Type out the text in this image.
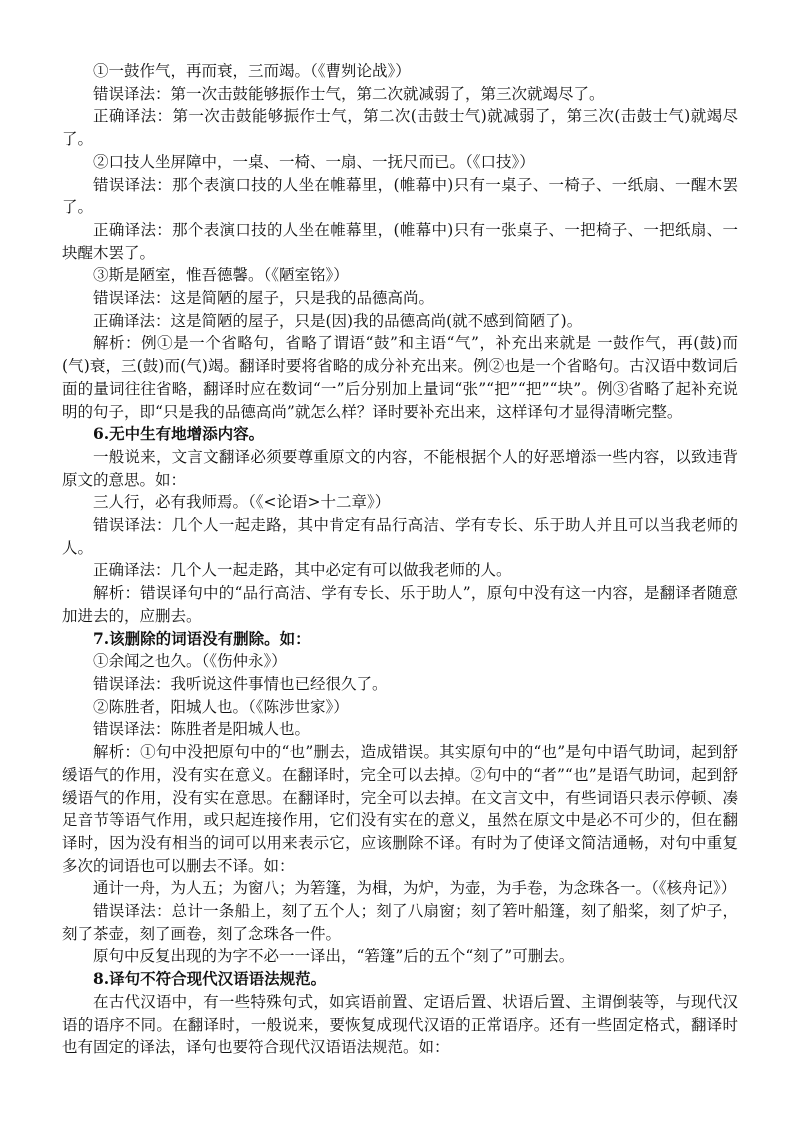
①一鼓作气，再而衰，三而竭。（《曹刿论战》）

错误译法：第一次击鼓能够振作士气，第二次就减弱了，第三次就竭尽了。

正确译法：第一次击鼓能够振作士气，第二次(击鼓士气)就减弱了，第三次(击鼓士气)就竭尽了。

②口技人坐屏障中，一桌、一椅、一扇、一抚尺而已。（《口技》）

错误译法：那个表演口技的人坐在帷幕里，(帷幕中)只有一桌子、一椅子、一纸扇、一醒木罢了。

正确译法：那个表演口技的人坐在帷幕里，(帷幕中)只有一张桌子、一把椅子、一把纸扇、一块醒木罢了。

③斯是陋室，惟吾德馨。（《陋室铭》）

错误译法：这是简陋的屋子，只是我的品德高尚。

正确译法：这是简陋的屋子，只是(因)我的品德高尚(就不感到简陋了)。

解析：例①是一个省略句，省略了谓语“鼓”和主语“气”，补充出来就是 一鼓作气，再(鼓)而(气)衰，三(鼓)而(气)竭。翻译时要将省略的成分补充出来。例②也是一个省略句。古汉语中数词后面的量词往往省略，翻译时应在数词“一”后分别加上量词“张”“把”“把”“块”。例③省略了起补充说明的句子，即“只是我的品德高尚”就怎么样？译时要补充出来，这样译句才显得清晰完整。

6.无中生有地增添内容。

一般说来，文言文翻译必须要尊重原文的内容，不能根据个人的好恶增添一些内容，以致违背原文的意思。如：

三人行，必有我师焉。（《<论语>十二章》）

错误译法：几个人一起走路，其中肯定有品行高洁、学有专长、乐于助人并且可以当我老师的人。

正确译法：几个人一起走路，其中必定有可以做我老师的人。

解析：错误译句中的“品行高洁、学有专长、乐于助人”，原句中没有这一内容，是翻译者随意加进去的，应删去。

7.该删除的词语没有删除。如：

①余闻之也久。（《伤仲永》）

错误译法：我听说这件事情也已经很久了。

②陈胜者，阳城人也。（《陈涉世家》）

错误译法：陈胜者是阳城人也。

解析：①句中没把原句中的“也”删去，造成错误。其实原句中的“也”是句中语气助词，起到舒缓语气的作用，没有实在意义。在翻译时，完全可以去掉。②句中的“者”“也”是语气助词，起到舒缓语气的作用，没有实在意思。在翻译时，完全可以去掉。在文言文中，有些词语只表示停顿、凑足音节等语气作用，或只起连接作用，它们没有实在的意义，虽然在原文中是必不可少的，但在翻译时，因为没有相当的词可以用来表示它，应该删除不译。有时为了使译文简洁通畅，对句中重复多次的词语也可以删去不译。如：

通计一舟，为人五；为窗八；为箬篷，为楫，为炉，为壶，为手卷，为念珠各一。（《核舟记》）

错误译法：总计一条船上，刻了五个人；刻了八扇窗；刻了箬叶船篷，刻了船桨，刻了炉子，刻了茶壶，刻了画卷，刻了念珠各一件。

原句中反复出现的为字不必一一译出，“箬篷”后的五个“刻了”可删去。

8.译句不符合现代汉语语法规范。

在古代汉语中，有一些特殊句式，如宾语前置、定语后置、状语后置、主谓倒装等，与现代汉语的语序不同。在翻译时，一般说来，要恢复成现代汉语的正常语序。还有一些固定格式，翻译时也有固定的译法，译句也要符合现代汉语语法规范。如：
